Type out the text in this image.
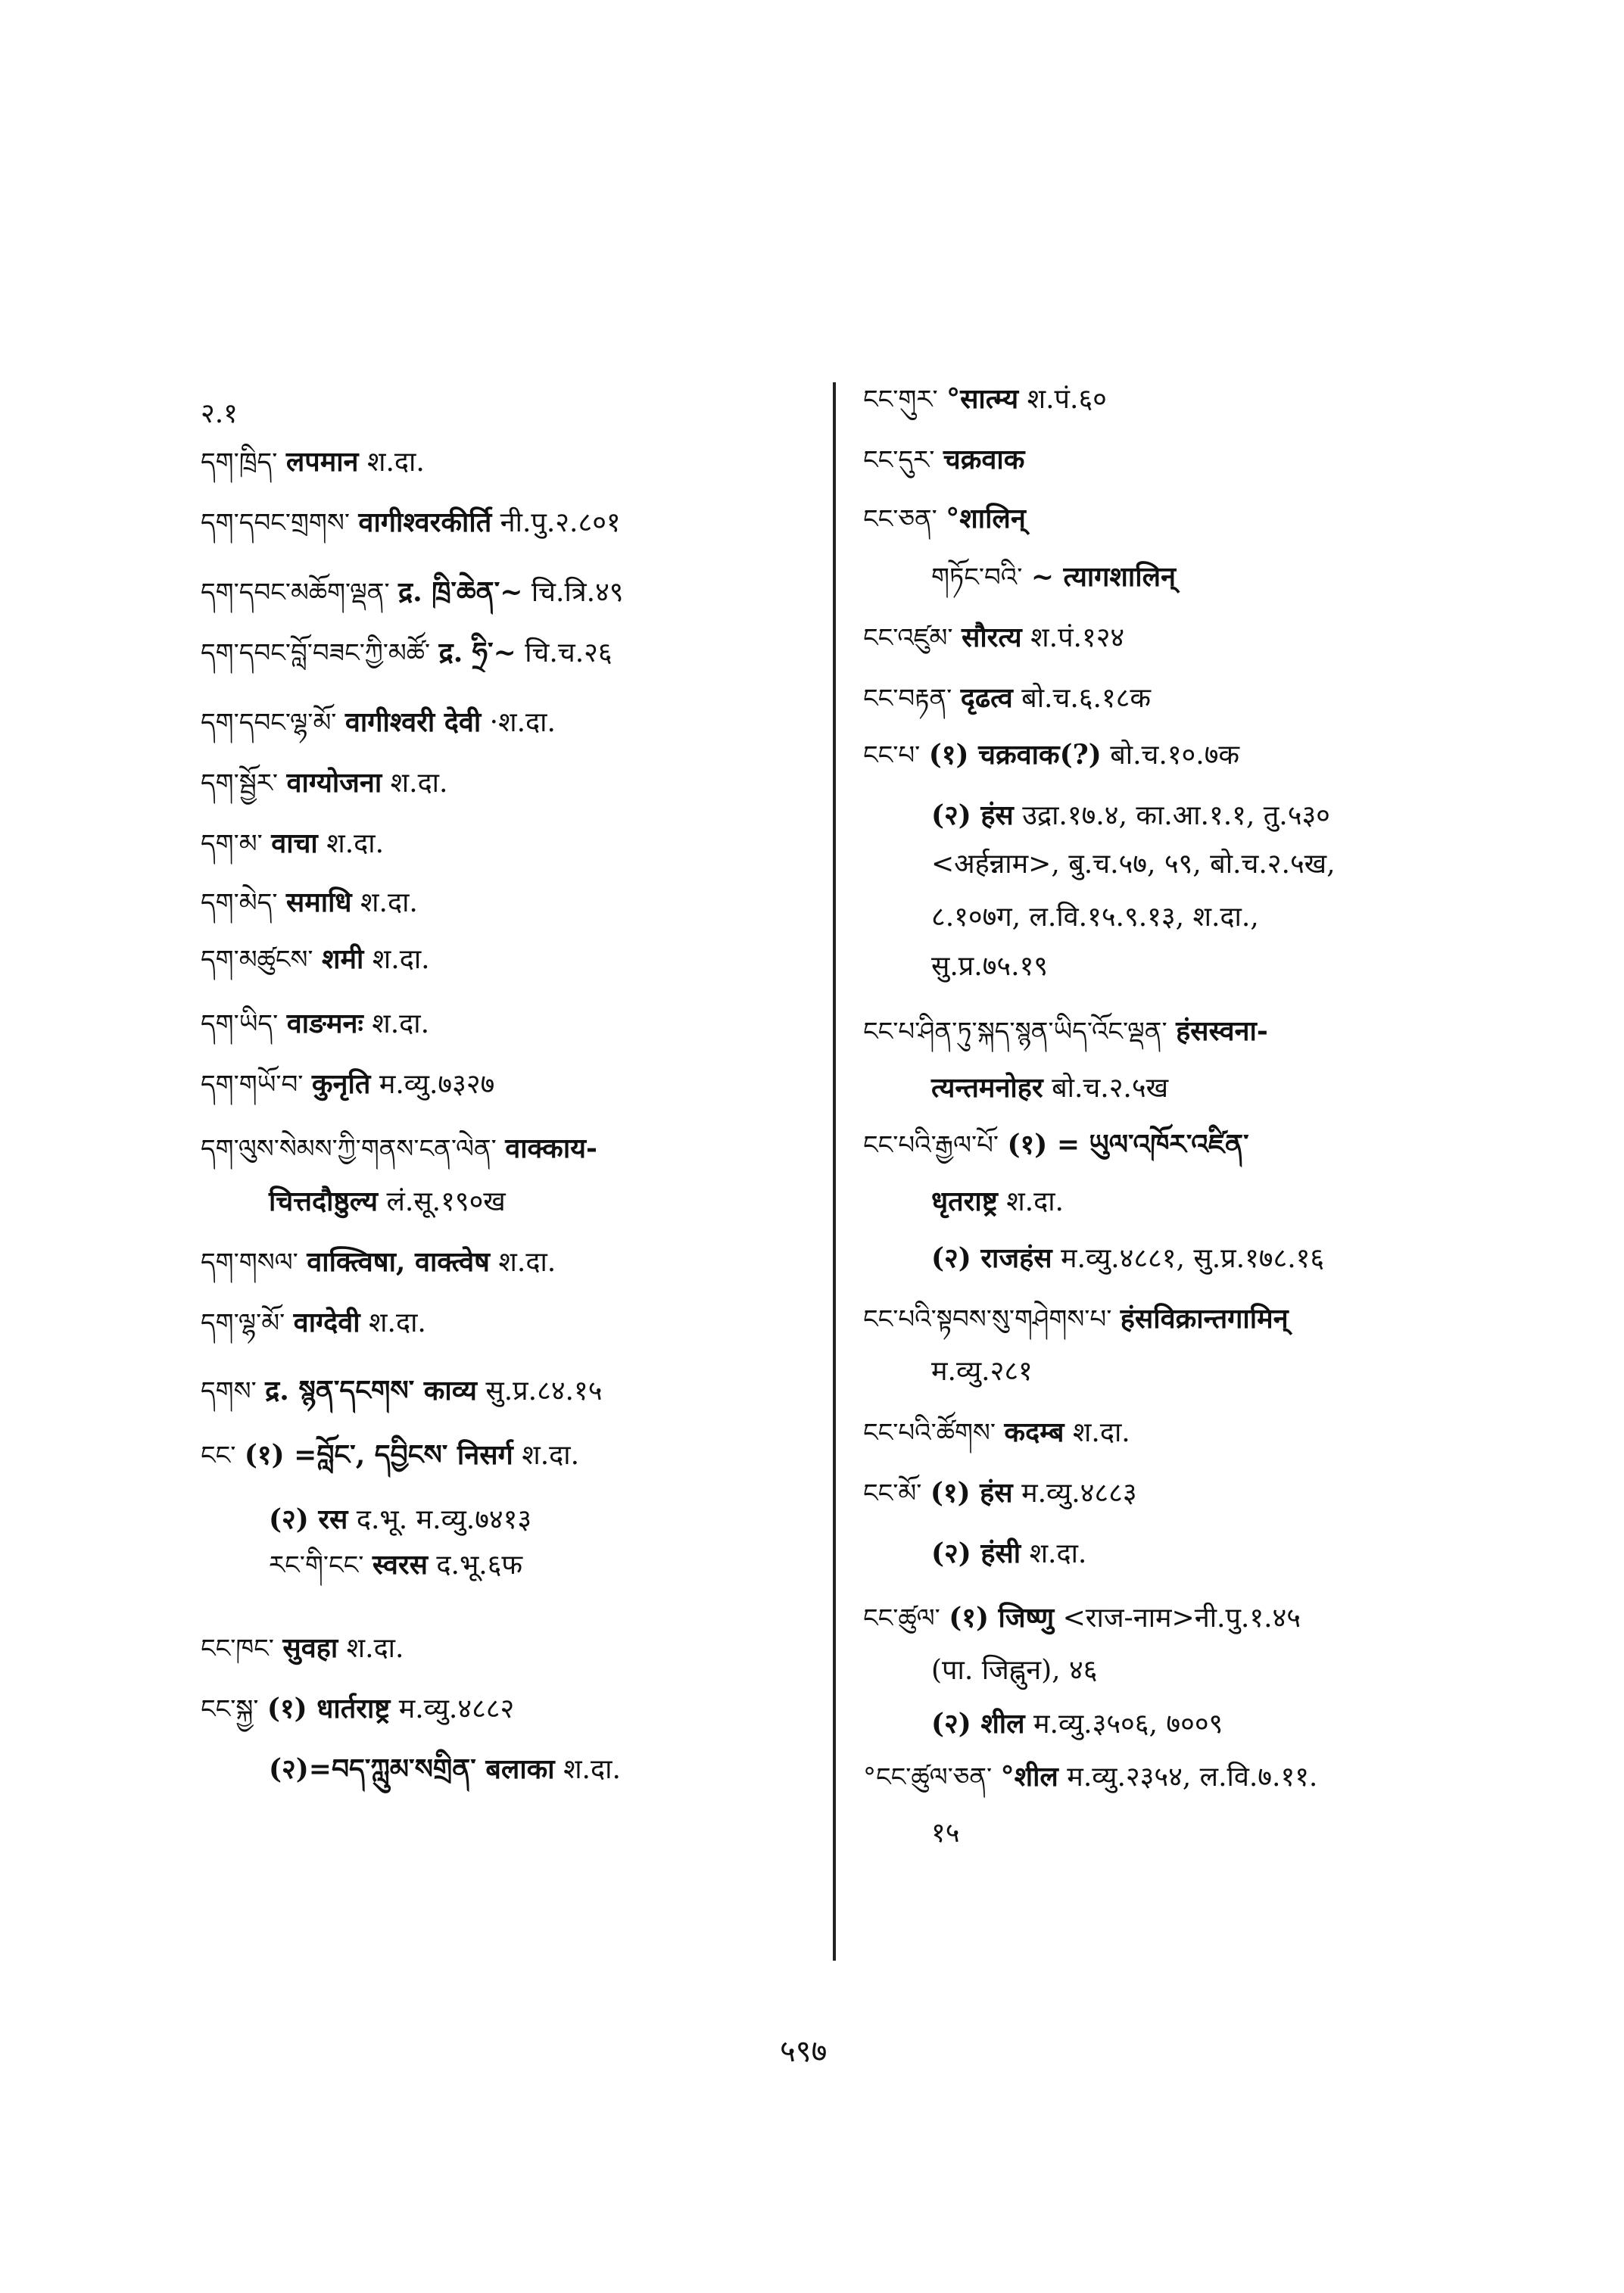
२.१
དག་ཁྲིད་ लपमान श.दा.
དག་དབང་གྲགས་ वागीश्वरकीर्ति नी.पु.२.८०१
དག་དབང་མཆོག་ལྡན་ द्र. ཁྲི་ཆེན་~ चि.त्रि.४९
དག་དབང་བློ་བཟང་ཀྱི་མཚོ་ द्र. ཧྲི་~ चि.च.२६
དག་དབང་ལྷ་མོ་ वागीश्वरी देवी ·श.दा.
དག་སྦྱོར་ वाग्योजना श.दा.
དག་མ་ वाचा श.दा.
དག་མེད་ समाधि श.दा.
དག་མཚུངས་ शमी श.दा.
དག་ཡིད་ वाङमनः श.दा.
དག་གཡོ་བ་ कुनृति म.व्यु.७३२७
དག་ལུས་སེམས་ཀྱི་གནས་ངན་ལེན་ वाक्काय-
चित्तदौष्ठुल्य लं.सू.१९०ख
དག་གསལ་ वाक्त्विषा, वाक्त्वेष श.दा.
དག་ལྷ་མོ་ वाग्देवी श.दा.
དགས་ द्र. སྙན་དངགས་ काव्य सु.प्र.८४.१५
ངང་ (१) =བློང་, དབྱིངས་ निसर्ग श.दा.
(२) रस द.भू. म.व्यु.७४१३
རང་གི་ངང་ स्वरस द.भू.६फ
ངང་ཁང་ सुवहा श.दा.
ངང་སྐྱ་ (१) धार्तराष्ट्र म.व्यु.४८८२
(२)=བད་ཀླུམ་སགྲིན་ बलाका श.दा.
ངང་གུར་ °सात्म्य श.पं.६०
ངང་དུར་ चक्रवाक
ངང་ཅན་ °शालिन्
གཏོང་བའི་ ~ त्यागशालिन्
ངང་འཛུམ་ सौरत्य श.पं.१२४
ངང་བརྟན་ दृढत्व बो.च.६.१८क
ངང་པ་ (१) चक्रवाक(?) बो.च.१०.७क
(२) हंस उद्रा.१७.४, का.आ.१.१, तु.५३०
<अर्हन्नाम>, बु.च.५७, ५९, बो.च.२.५ख,
८.१०७ग, ल.वि.१५.९.१३, श.दा.,
सु.प्र.७५.१९
ངང་པ་ཤིན་ཏུ་སྐད་སྙན་ཡིད་འོང་ལྡན་ हंसस्वना-
त्यन्तमनोहर बो.च.२.५ख
ངང་པའི་རྒྱལ་པོ་ (१) = ཡུལ་འཁོར་འཛིན་
धृतराष्ट्र श.दा.
(२) राजहंस म.व्यु.४८८१, सु.प्र.१७८.१६
ངང་པའི་སྟབས་སུ་གཤེགས་པ་ हंसविक्रान्तगामिन्
म.व्यु.२८१
ངང་པའི་ཚོགས་ कदम्ब श.दा.
ངང་མོ་ (१) हंस म.व्यु.४८८३
(२) हंसी श.दा.
ངང་ཚུལ་ (१) जिष्णु <राज-नाम>नी.पु.१.४५
(पा. जिह्नुन), ४६
(२) शील म.व्यु.३५०६, ७००९
°ངང་ཚུལ་ཅན་ °शील म.व्यु.२३५४, ल.वि.७.११.
१५
५९७
